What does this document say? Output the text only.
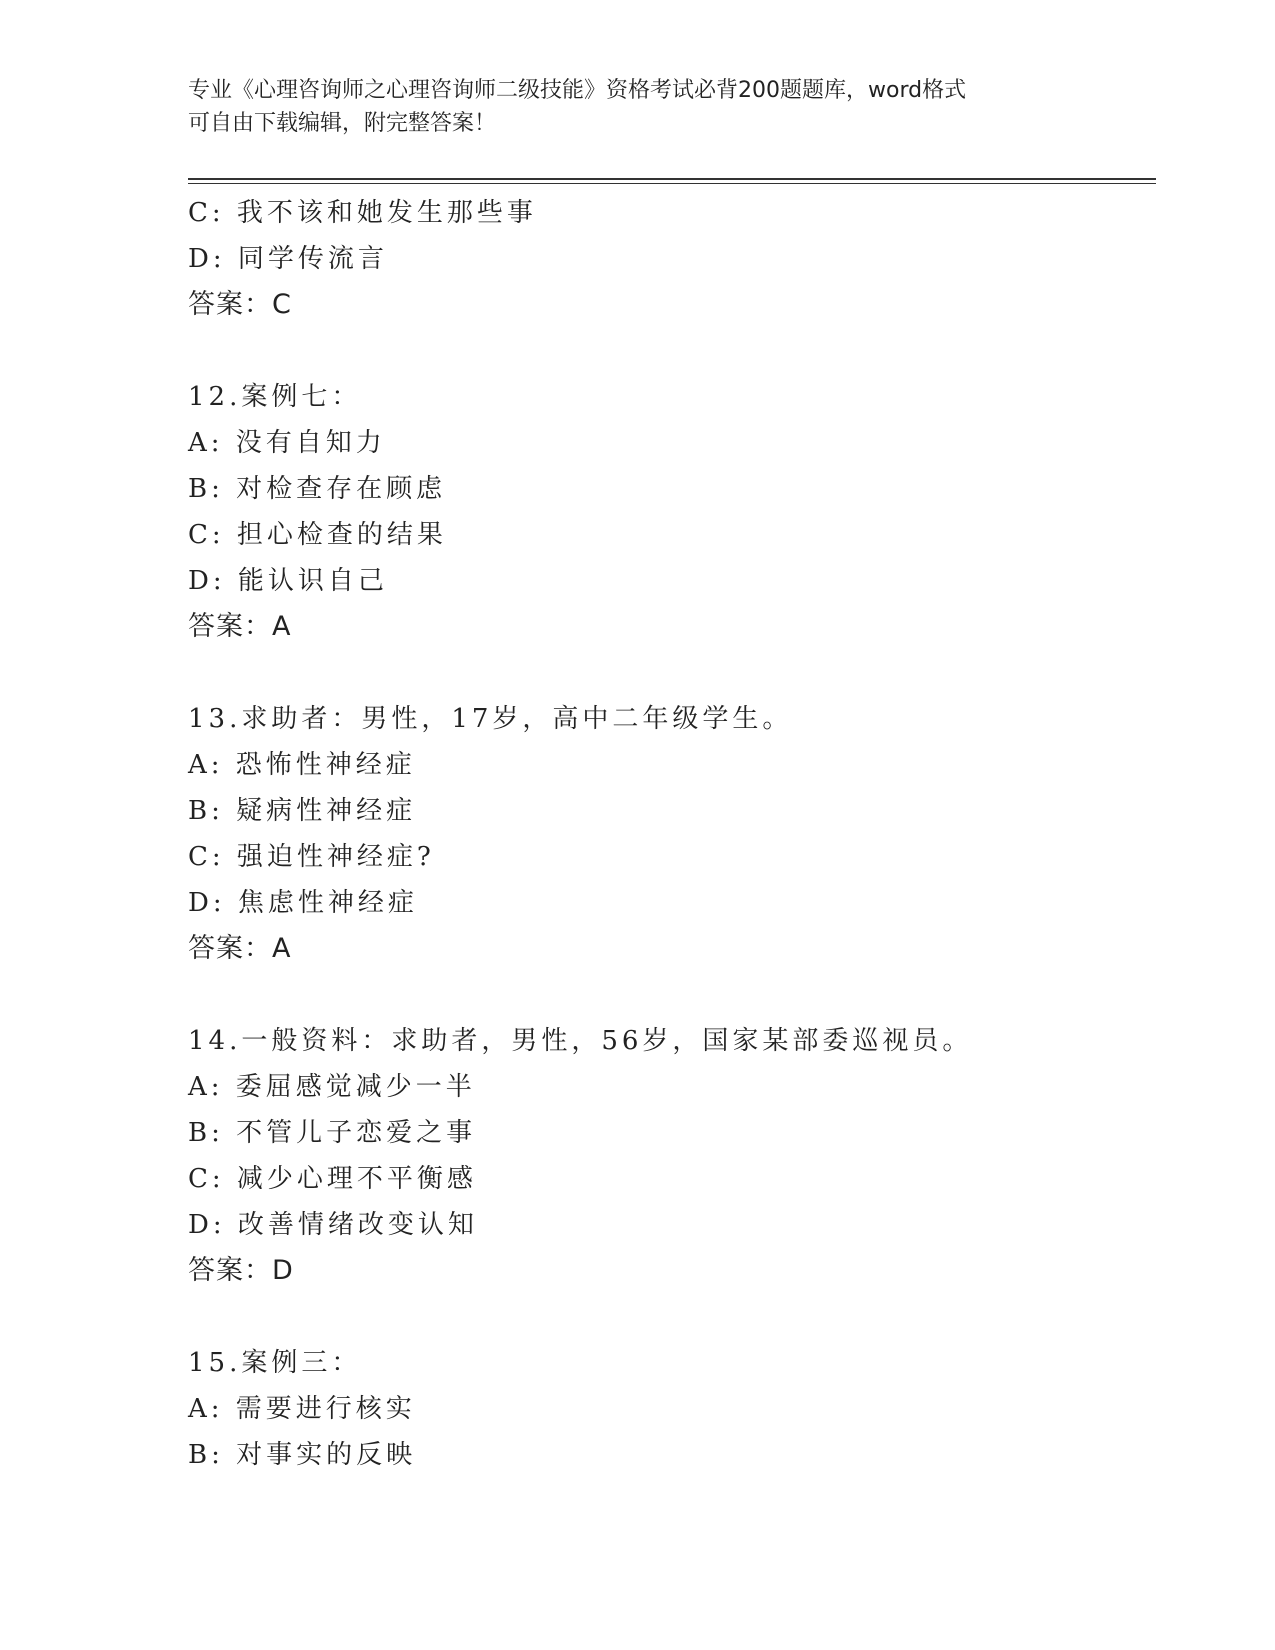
专业《心理咨询师之心理咨询师二级技能》资格考试必背200题题库，word格式
可自由下载编辑，附完整答案！
C: 我不该和她发生那些事
D: 同学传流言
答案：C
12.案例七：
A: 没有自知力
B: 对检查存在顾虑
C: 担心检查的结果
D: 能认识自己
答案：A
13.求助者：男性，17岁，高中二年级学生。
A: 恐怖性神经症
B: 疑病性神经症
C: 强迫性神经症?
D: 焦虑性神经症
答案：A
14.一般资料：求助者，男性，56岁，国家某部委巡视员。
A: 委屈感觉减少一半
B: 不管儿子恋爱之事
C: 减少心理不平衡感
D: 改善情绪改变认知
答案：D
15.案例三：
A: 需要进行核实
B: 对事实的反映
